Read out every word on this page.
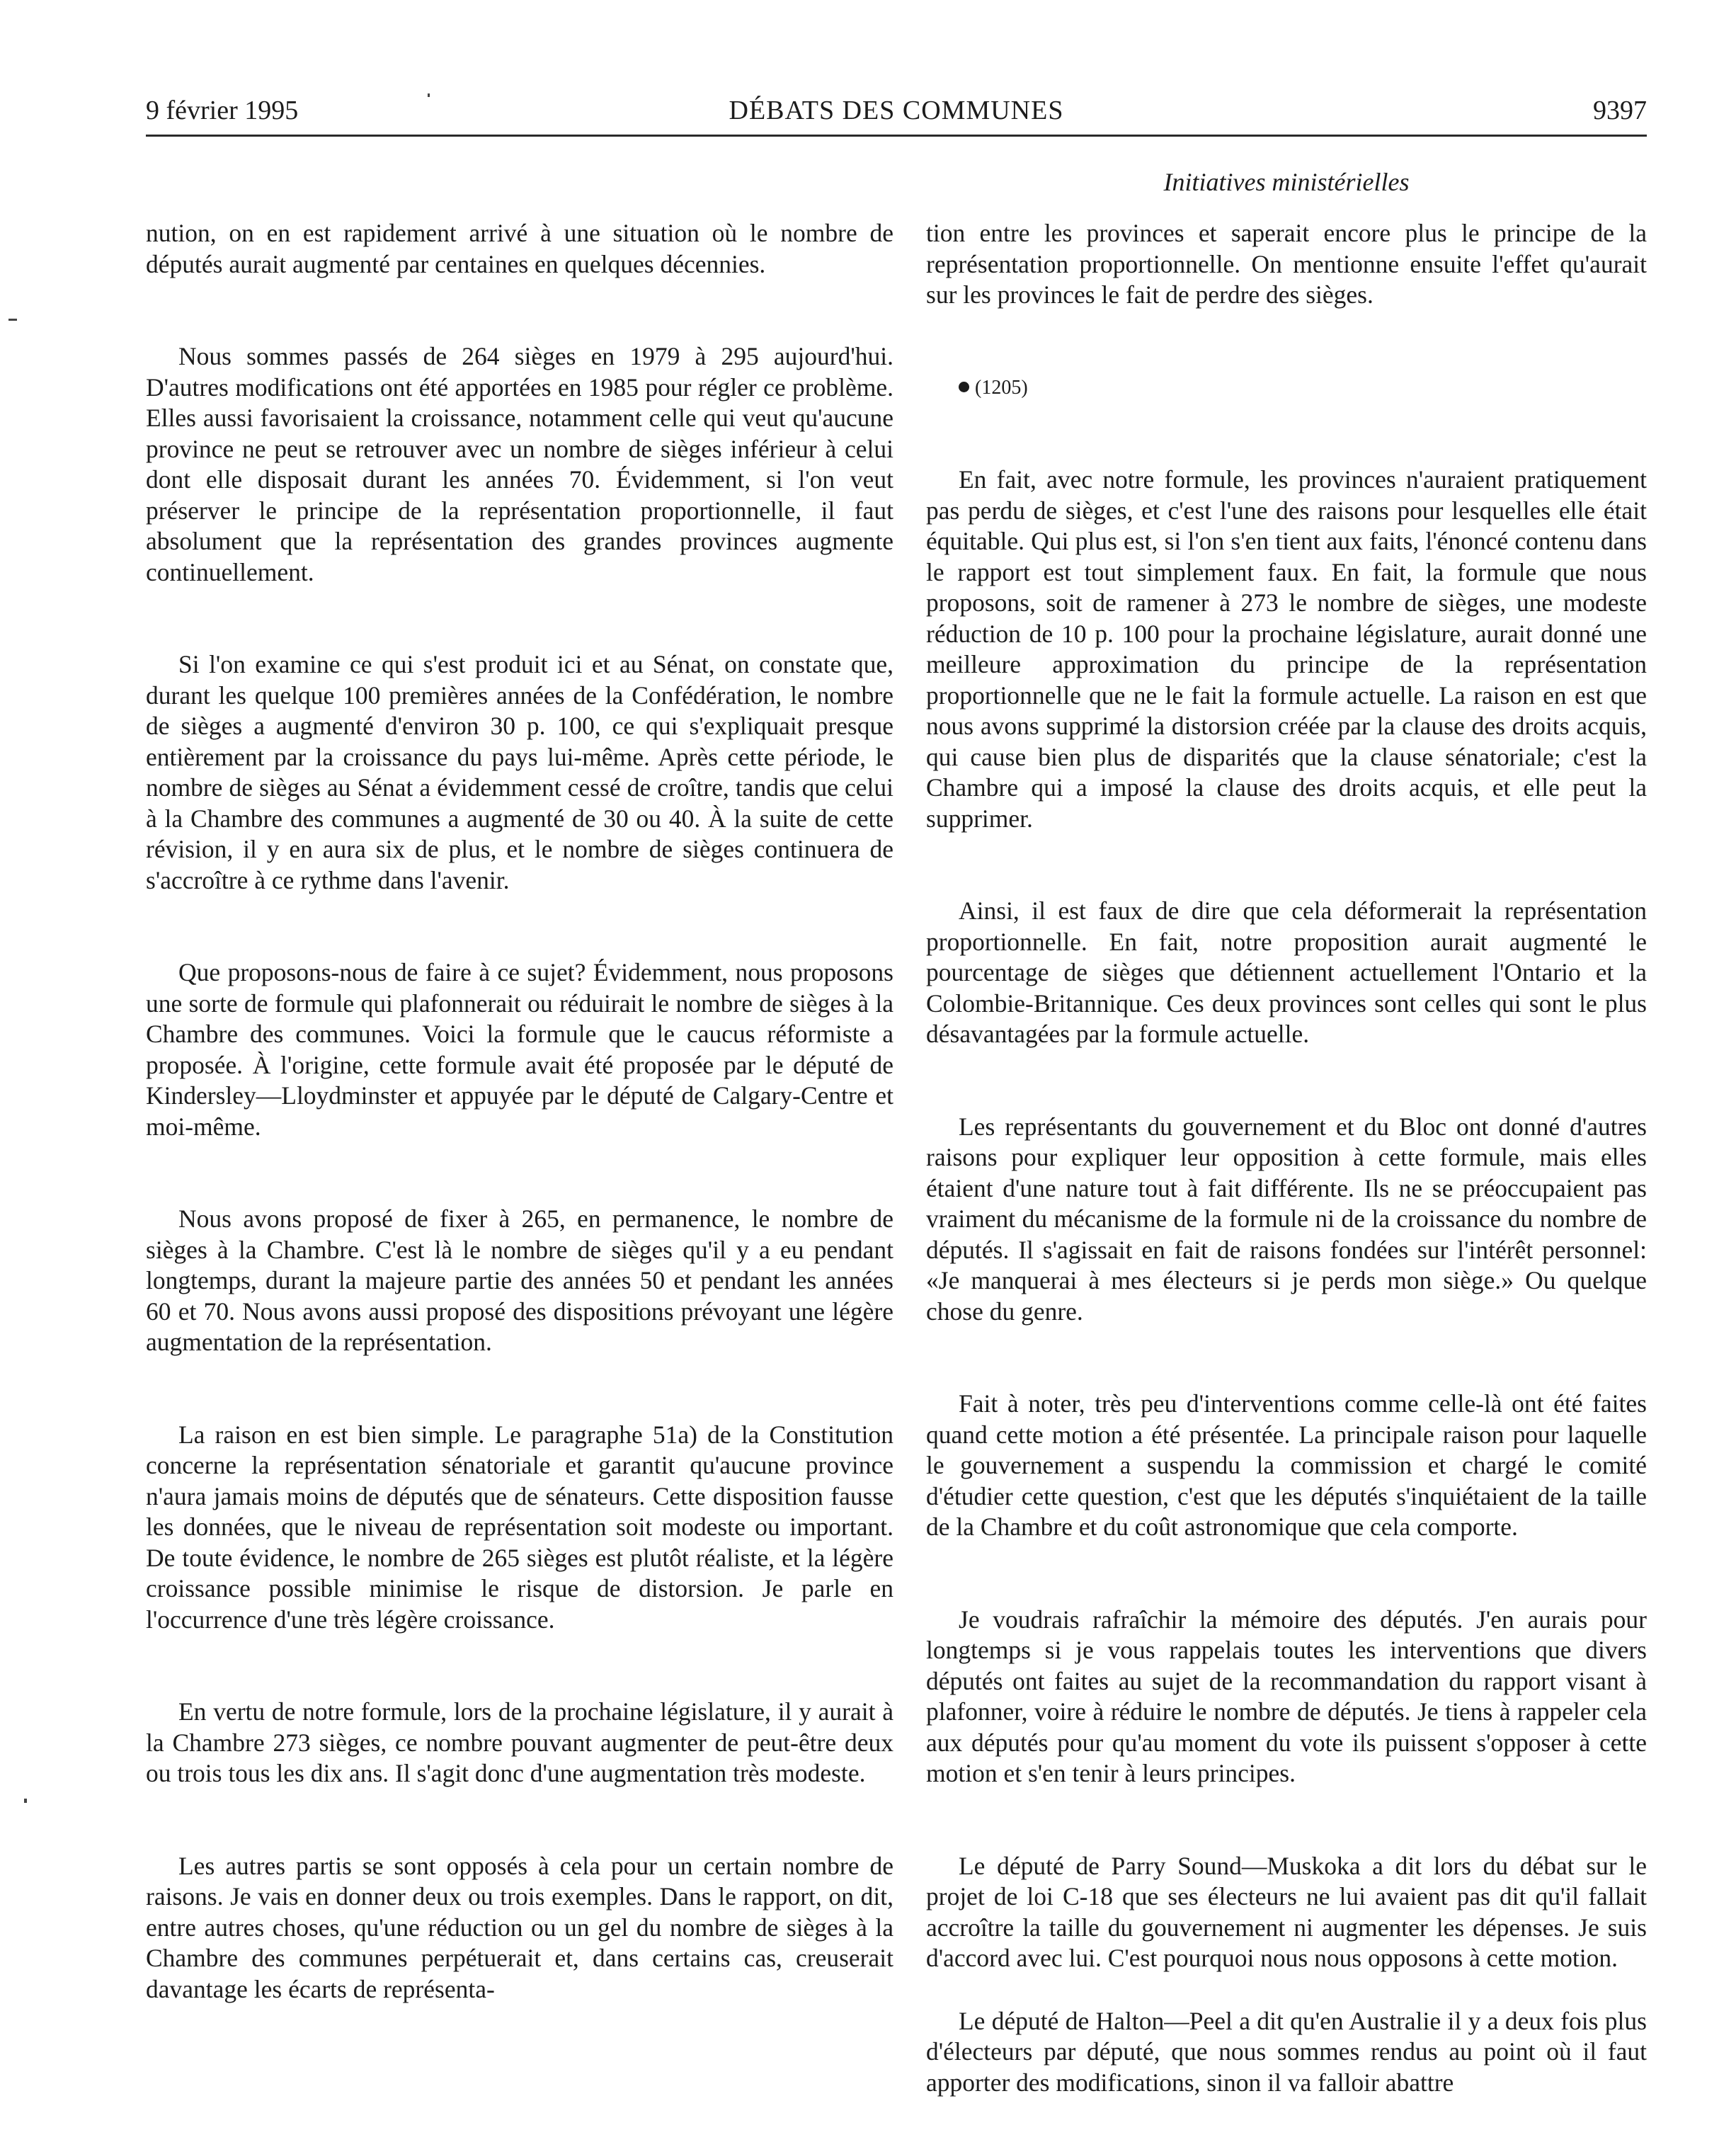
9 février 1995	DÉBATS DES COMMUNES	9397
Initiatives ministérielles

nution, on en est rapidement arrivé à une situation où le nombre de députés aurait augmenté par centaines en quelques décennies.

Nous sommes passés de 264 sièges en 1979 à 295 aujourd'hui. D'autres modifications ont été apportées en 1985 pour régler ce problème. Elles aussi favorisaient la croissance, notamment celle qui veut qu'aucune province ne peut se retrouver avec un nombre de sièges inférieur à celui dont elle disposait durant les années 70. Évidemment, si l'on veut préserver le principe de la représentation proportionnelle, il faut absolument que la représentation des grandes provinces augmente continuellement.

Si l'on examine ce qui s'est produit ici et au Sénat, on constate que, durant les quelque 100 premières années de la Confédération, le nombre de sièges a augmenté d'environ 30 p. 100, ce qui s'expliquait presque entièrement par la croissance du pays lui-même. Après cette période, le nombre de sièges au Sénat a évidemment cessé de croître, tandis que celui à la Chambre des communes a augmenté de 30 ou 40. À la suite de cette révision, il y en aura six de plus, et le nombre de sièges continuera de s'accroître à ce rythme dans l'avenir.

Que proposons-nous de faire à ce sujet? Évidemment, nous proposons une sorte de formule qui plafonnerait ou réduirait le nombre de sièges à la Chambre des communes. Voici la formule que le caucus réformiste a proposée. À l'origine, cette formule avait été proposée par le député de Kindersley—Lloydminster et appuyée par le député de Calgary-Centre et moi-même.

Nous avons proposé de fixer à 265, en permanence, le nombre de sièges à la Chambre. C'est là le nombre de sièges qu'il y a eu pendant longtemps, durant la majeure partie des années 50 et pendant les années 60 et 70. Nous avons aussi proposé des dispositions prévoyant une légère augmentation de la représentation.

La raison en est bien simple. Le paragraphe 51a) de la Constitution concerne la représentation sénatoriale et garantit qu'aucune province n'aura jamais moins de députés que de sénateurs. Cette disposition fausse les données, que le niveau de représentation soit modeste ou important. De toute évidence, le nombre de 265 sièges est plutôt réaliste, et la légère croissance possible minimise le risque de distorsion. Je parle en l'occurrence d'une très légère croissance.

En vertu de notre formule, lors de la prochaine législature, il y aurait à la Chambre 273 sièges, ce nombre pouvant augmenter de peut-être deux ou trois tous les dix ans. Il s'agit donc d'une augmentation très modeste.

Les autres partis se sont opposés à cela pour un certain nombre de raisons. Je vais en donner deux ou trois exemples. Dans le rapport, on dit, entre autres choses, qu'une réduction ou un gel du nombre de sièges à la Chambre des communes perpétuerait et, dans certains cas, creuserait davantage les écarts de représenta-

tion entre les provinces et saperait encore plus le principe de la représentation proportionnelle. On mentionne ensuite l'effet qu'aurait sur les provinces le fait de perdre des sièges.

(1205)

En fait, avec notre formule, les provinces n'auraient pratiquement pas perdu de sièges, et c'est l'une des raisons pour lesquelles elle était équitable. Qui plus est, si l'on s'en tient aux faits, l'énoncé contenu dans le rapport est tout simplement faux. En fait, la formule que nous proposons, soit de ramener à 273 le nombre de sièges, une modeste réduction de 10 p. 100 pour la prochaine législature, aurait donné une meilleure approximation du principe de la représentation proportionnelle que ne le fait la formule actuelle. La raison en est que nous avons supprimé la distorsion créée par la clause des droits acquis, qui cause bien plus de disparités que la clause sénatoriale; c'est la Chambre qui a imposé la clause des droits acquis, et elle peut la supprimer.

Ainsi, il est faux de dire que cela déformerait la représentation proportionnelle. En fait, notre proposition aurait augmenté le pourcentage de sièges que détiennent actuellement l'Ontario et la Colombie-Britannique. Ces deux provinces sont celles qui sont le plus désavantagées par la formule actuelle.

Les représentants du gouvernement et du Bloc ont donné d'autres raisons pour expliquer leur opposition à cette formule, mais elles étaient d'une nature tout à fait différente. Ils ne se préoccupaient pas vraiment du mécanisme de la formule ni de la croissance du nombre de députés. Il s'agissait en fait de raisons fondées sur l'intérêt personnel: «Je manquerai à mes électeurs si je perds mon siège.» Ou quelque chose du genre.

Fait à noter, très peu d'interventions comme celle-là ont été faites quand cette motion a été présentée. La principale raison pour laquelle le gouvernement a suspendu la commission et chargé le comité d'étudier cette question, c'est que les députés s'inquiétaient de la taille de la Chambre et du coût astronomique que cela comporte.

Je voudrais rafraîchir la mémoire des députés. J'en aurais pour longtemps si je vous rappelais toutes les interventions que divers députés ont faites au sujet de la recommandation du rapport visant à plafonner, voire à réduire le nombre de députés. Je tiens à rappeler cela aux députés pour qu'au moment du vote ils puissent s'opposer à cette motion et s'en tenir à leurs principes.

Le député de Parry Sound—Muskoka a dit lors du débat sur le projet de loi C-18 que ses électeurs ne lui avaient pas dit qu'il fallait accroître la taille du gouvernement ni augmenter les dépenses. Je suis d'accord avec lui. C'est pourquoi nous nous opposons à cette motion.

Le député de Halton—Peel a dit qu'en Australie il y a deux fois plus d'électeurs par député, que nous sommes rendus au point où il faut apporter des modifications, sinon il va falloir abattre
